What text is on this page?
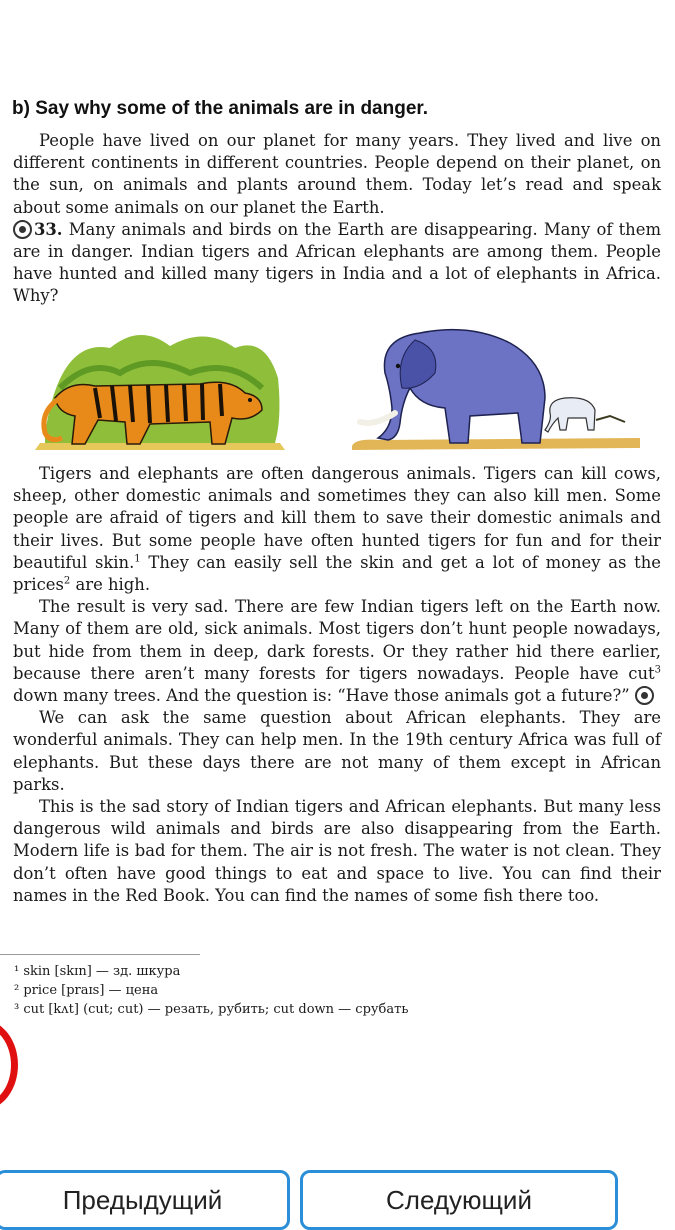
b) Say why some of the animals are in danger.

People have lived on our planet for many years. They lived and live on different continents in different countries. People depend on their planet, on the sun, on animals and plants around them. Today let’s read and speak about some animals on our planet the Earth.

33. Many animals and birds on the Earth are disappearing. Many of them are in danger. Indian tigers and African elephants are among them. People have hunted and killed many tigers in India and a lot of elephants in Africa. Why?

Tigers and elephants are often dangerous animals. Tigers can kill cows, sheep, other domestic animals and sometimes they can also kill men. Some people are afraid of tigers and kill them to save their domestic animals and their lives. But some people have often hunted tigers for fun and for their beautiful skin.$^1$ They can easily sell the skin and get a lot of money as the prices$^2$ are high.

The result is very sad. There are few Indian tigers left on the Earth now. Many of them are old, sick animals. Most tigers don’t hunt people nowadays, but hide from them in deep, dark forests. Or they rather hid there earlier, because there aren’t many forests for tigers nowadays. People have cut$^3$ down many trees. And the question is: “Have those animals got a future?”

We can ask the same question about African elephants. They are wonderful animals. They can help men. In the 19th century Africa was full of elephants. But these days there are not many of them except in African parks.

This is the sad story of Indian tigers and African elephants. But many less dangerous wild animals and birds are also disappearing from the Earth. Modern life is bad for them. The air is not fresh. The water is not clean. They don’t often have good things to eat and space to live. You can find their names in the Red Book. You can find the names of some fish there too.

¹ skin [skɪn] — зд. шкура
² price [praɪs] — цена
³ cut [kʌt] (cut; cut) — резать, рубить; cut down — срубать
Предыдущий	Следующий
